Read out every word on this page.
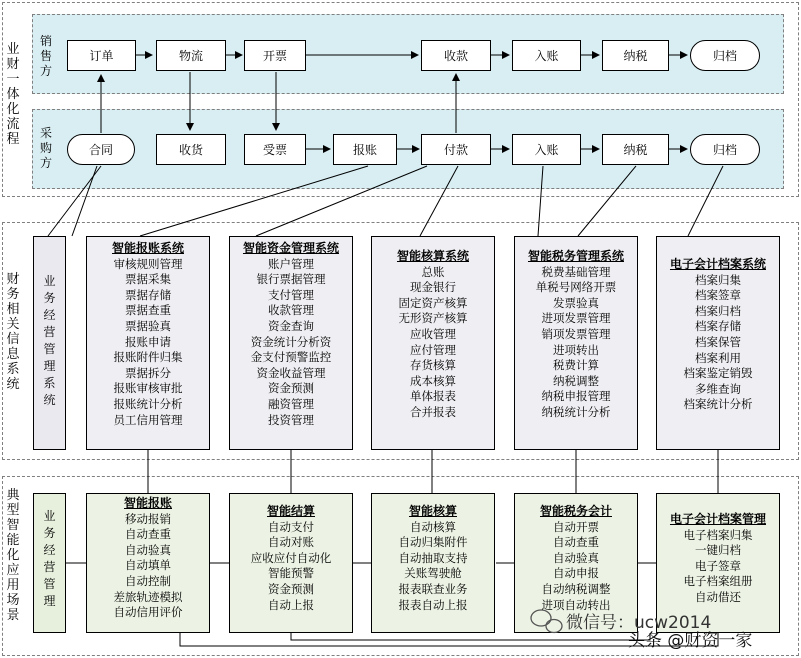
业财一体化流程
财务相关信息系统
典型智能化应用场景
销售方
采购方
订单	物流	开票	收款	入账	纳税	归档
合同	收货	受票	报账	付款	入账	纳税	归档
业务经营管理系统
智能报账系统
审核规则管理
票据采集
票据存储
票据查重
票据验真
报账申请
报账附件归集
票据拆分
报账审核审批
报账统计分析
员工信用管理
智能资金管理系统
账户管理
银行票据管理
支付管理
收款管理
资金查询
资金统计分析资
金支付预警监控
资金收益管理
资金预测
融资管理
投资管理
智能核算系统
总账
现金银行
固定资产核算
无形资产核算
应收管理
应付管理
存货核算
成本核算
单体报表
合并报表
智能税务管理系统
税费基础管理
单税号网络开票
发票验真
进项发票管理
销项发票管理
进项转出
税费计算
纳税调整
纳税申报管理
纳税统计分析
电子会计档案系统
档案归集
档案签章
档案归档
档案存储
档案保管
档案利用
档案鉴定销毁
多维查询
档案统计分析
业务经营管理
智能报账
移动报销
自动查重
自动验真
自动填单
自动控制
差旅轨迹模拟
自动信用评价
智能结算
自动支付
自动对账
应收应付自动化
智能预警
资金预测
自动上报
智能核算
自动核算
自动归集附件
自动抽取支持
关账驾驶舱
报表联查业务
报表自动上报
智能税务会计
自动开票
自动查重
自动验真
自动申报
自动纳税调整
进项自动转出
电子会计档案管理
电子档案归集
一键归档
电子签章
电子档案组册
自动借还
微信号：ucw2014
头条 @财资一家
